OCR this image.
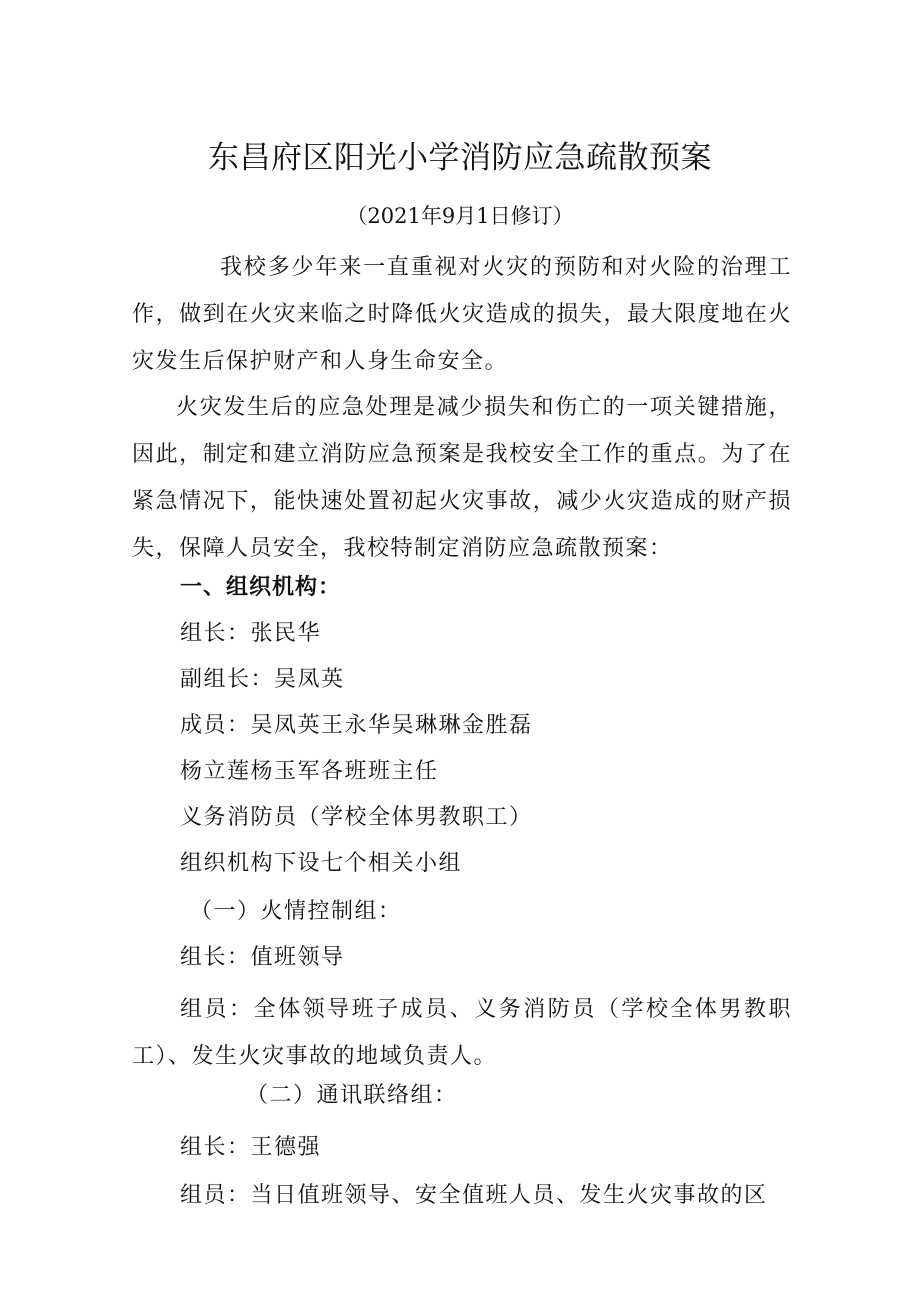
东昌府区阳光小学消防应急疏散预案
（2021年9月1日修订）

我校多少年来一直重视对火灾的预防和对火险的治理工作，做到在火灾来临之时降低火灾造成的损失，最大限度地在火灾发生后保护财产和人身生命安全。

火灾发生后的应急处理是减少损失和伤亡的一项关键措施，因此，制定和建立消防应急预案是我校安全工作的重点。为了在紧急情况下，能快速处置初起火灾事故，减少火灾造成的财产损失，保障人员安全，我校特制定消防应急疏散预案：

一、组织机构：
组长：张民华
副组长：吴凤英
成员：吴凤英王永华吴琳琳金胜磊
杨立莲杨玉军各班班主任
义务消防员（学校全体男教职工）
组织机构下设七个相关小组
（一）火情控制组：
组长：值班领导

组员：全体领导班子成员、义务消防员（学校全体男教职工）、发生火灾事故的地域负责人。

（二）通讯联络组：
组长：王德强
组员：当日值班领导、安全值班人员、发生火灾事故的区
